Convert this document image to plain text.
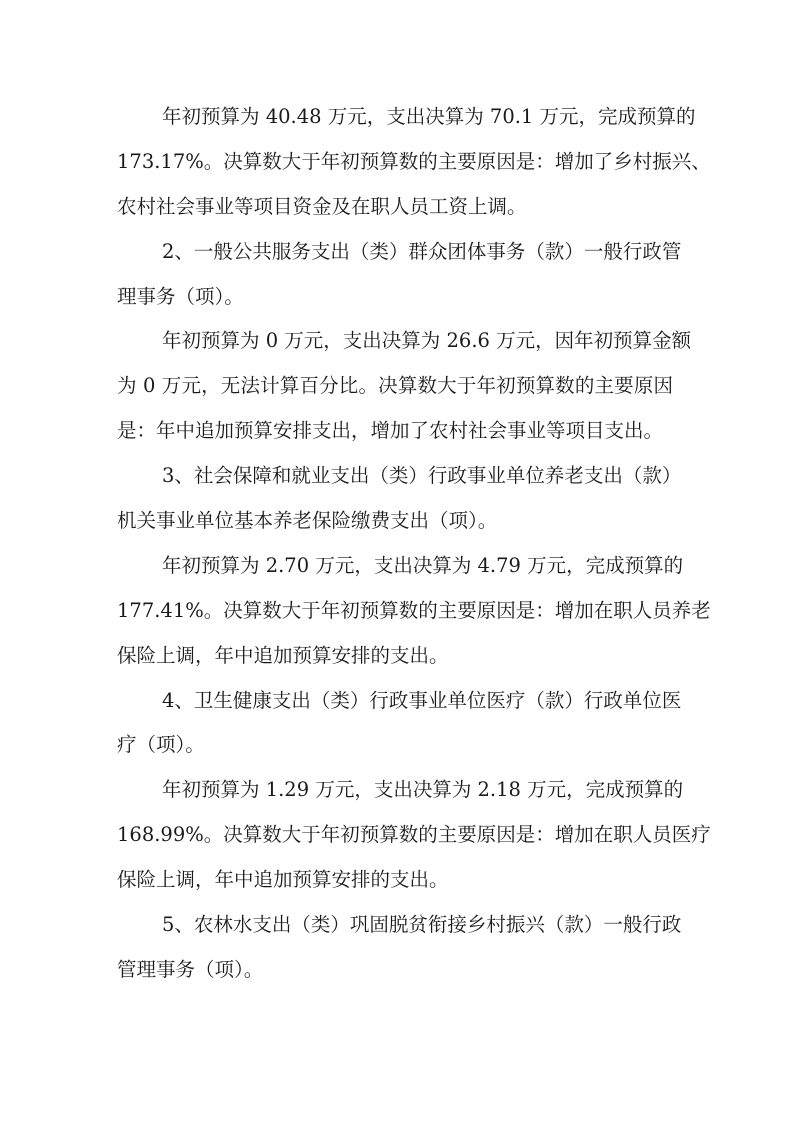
年初预算为 40.48 万元，支出决算为 70.1 万元，完成预算的

173.17%。决算数大于年初预算数的主要原因是：增加了乡村振兴、

农村社会事业等项目资金及在职人员工资上调。

2、一般公共服务支出（类）群众团体事务（款）一般行政管

理事务（项）。

年初预算为 0 万元，支出决算为 26.6 万元，因年初预算金额

为 0 万元，无法计算百分比。决算数大于年初预算数的主要原因

是：年中追加预算安排支出，增加了农村社会事业等项目支出。

3、社会保障和就业支出（类）行政事业单位养老支出（款）

机关事业单位基本养老保险缴费支出（项）。

年初预算为 2.70 万元，支出决算为 4.79 万元，完成预算的

177.41%。决算数大于年初预算数的主要原因是：增加在职人员养老

保险上调，年中追加预算安排的支出。

4、卫生健康支出（类）行政事业单位医疗（款）行政单位医

疗（项）。

年初预算为 1.29 万元，支出决算为 2.18 万元，完成预算的

168.99%。决算数大于年初预算数的主要原因是：增加在职人员医疗

保险上调，年中追加预算安排的支出。

5、农林水支出（类）巩固脱贫衔接乡村振兴（款）一般行政

管理事务（项）。
